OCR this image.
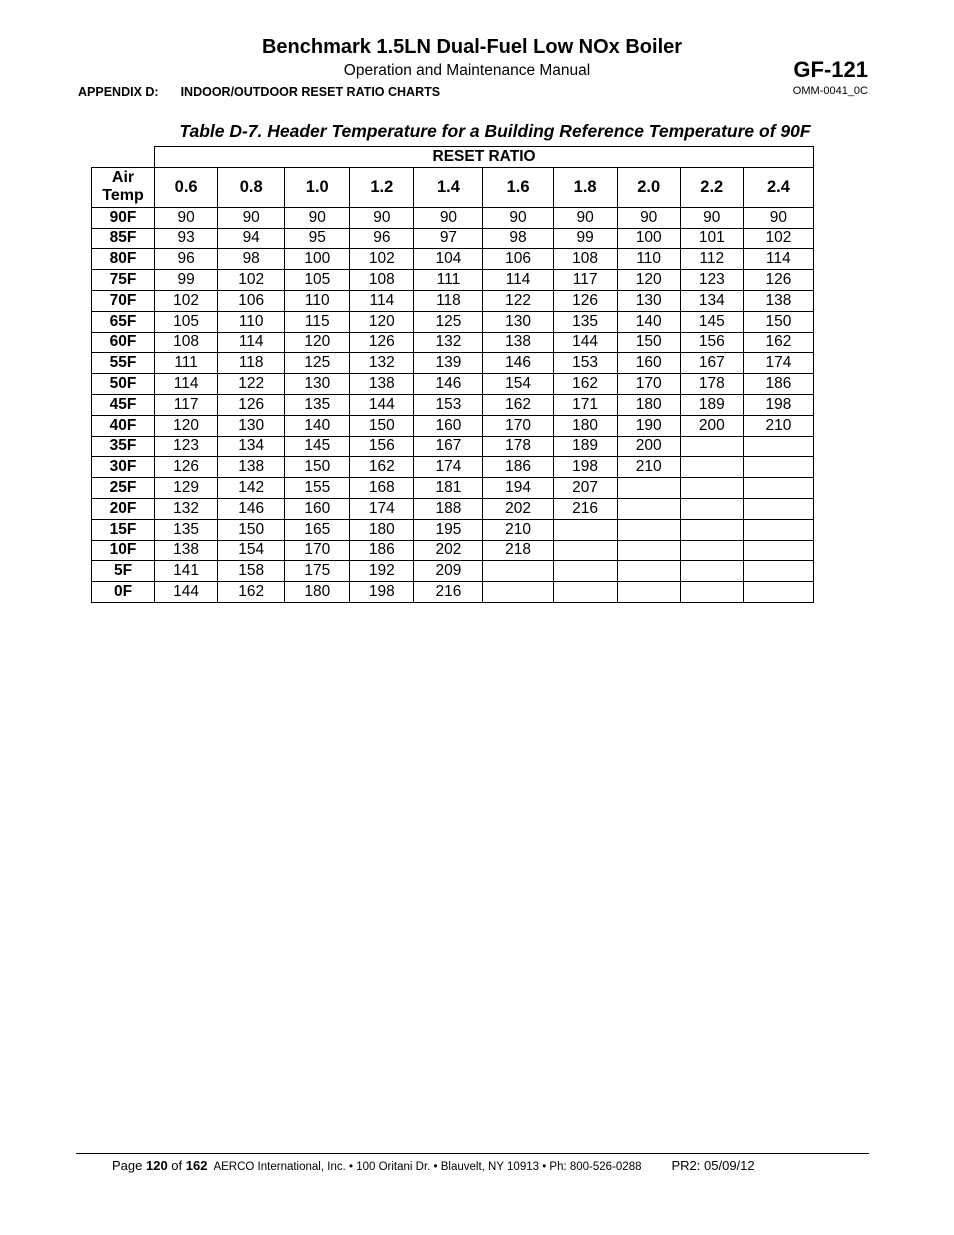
Benchmark 1.5LN Dual-Fuel Low NOx Boiler
Operation and Maintenance Manual
APPENDIX D: INDOOR/OUTDOOR RESET RATIO CHARTS
GF-121
OMM-0041_0C
Table D-7. Header Temperature for a Building Reference Temperature of 90F
	RESET RATIO									
Air
Temp	0.6	0.8	1.0	1.2	1.4	1.6	1.8	2.0	2.2	2.4
90F	90	90	90	90	90	90	90	90	90	90
85F	93	94	95	96	97	98	99	100	101	102
80F	96	98	100	102	104	106	108	110	112	114
75F	99	102	105	108	111	114	117	120	123	126
70F	102	106	110	114	118	122	126	130	134	138
65F	105	110	115	120	125	130	135	140	145	150
60F	108	114	120	126	132	138	144	150	156	162
55F	111	118	125	132	139	146	153	160	167	174
50F	114	122	130	138	146	154	162	170	178	186
45F	117	126	135	144	153	162	171	180	189	198
40F	120	130	140	150	160	170	180	190	200	210
35F	123	134	145	156	167	178	189	200		
30F	126	138	150	162	174	186	198	210		
25F	129	142	155	168	181	194	207			
20F	132	146	160	174	188	202	216			
15F	135	150	165	180	195	210				
10F	138	154	170	186	202	218				
5F	141	158	175	192	209					
0F	144	162	180	198	216					
Page 120 of 162 AERCO International, Inc. • 100 Oritani Dr. • Blauvelt, NY 10913 • Ph: 800-526-0288 PR2: 05/09/12
